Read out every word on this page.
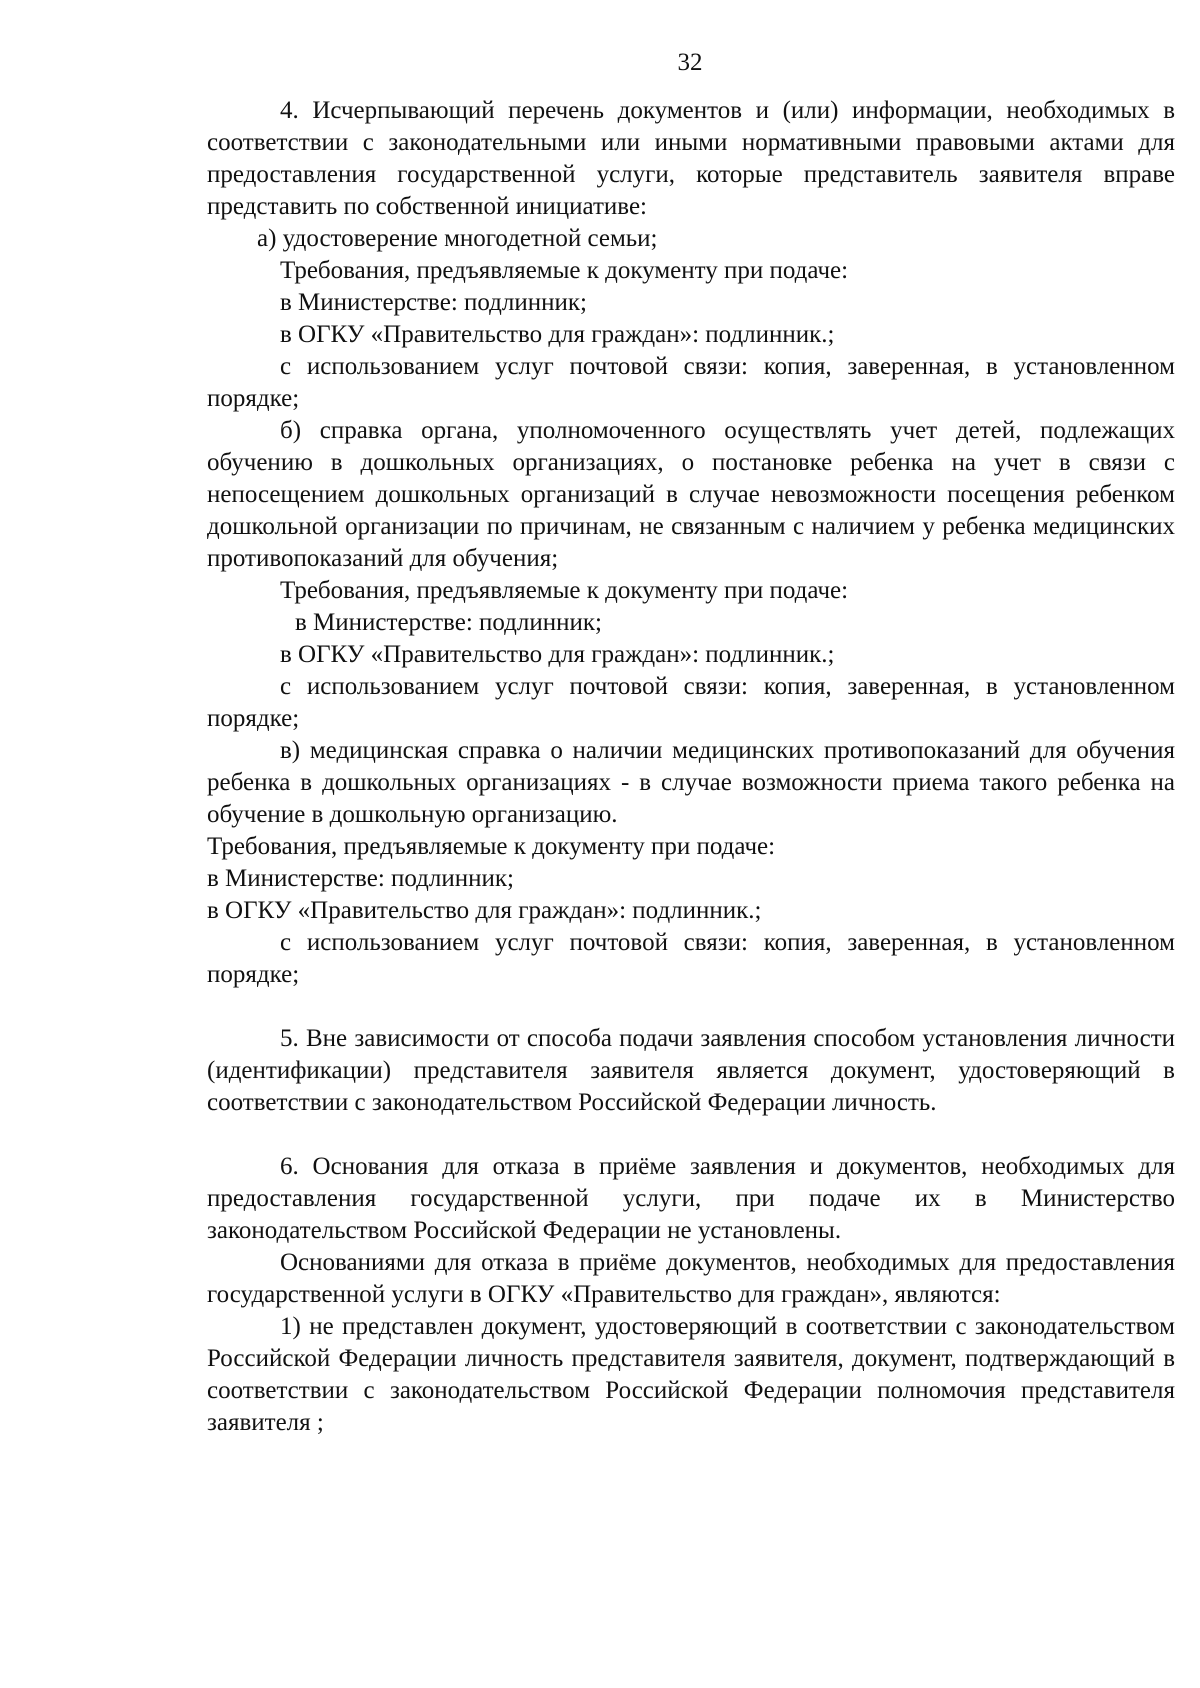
32

4. Исчерпывающий перечень документов и (или) информации, необходимых в соответствии с законодательными или иными нормативными правовыми актами для предоставления государственной услуги, которые представитель заявителя вправе представить по собственной инициативе:

а) удостоверение многодетной семьи;

Требования, предъявляемые к документу при подаче:

в Министерстве: подлинник;

в ОГКУ «Правительство для граждан»: подлинник.;

с использованием услуг почтовой связи: копия, заверенная, в установленном порядке;

б) справка органа, уполномоченного осуществлять учет детей, подлежащих обучению в дошкольных организациях, о постановке ребенка на учет в связи с непосещением дошкольных организаций в случае невозможности посещения ребенком дошкольной организации по причинам, не связанным с наличием у ребенка медицинских противопоказаний для обучения;

Требования, предъявляемые к документу при подаче:

в Министерстве: подлинник;

в ОГКУ «Правительство для граждан»: подлинник.;

с использованием услуг почтовой связи: копия, заверенная, в установленном порядке;

в) медицинская справка о наличии медицинских противопоказаний для обучения ребенка в дошкольных организациях - в случае возможности приема такого ребенка на обучение в дошкольную организацию.

Требования, предъявляемые к документу при подаче:

в Министерстве: подлинник;

в ОГКУ «Правительство для граждан»: подлинник.;

с использованием услуг почтовой связи: копия, заверенная, в установленном порядке;

5. Вне зависимости от способа подачи заявления способом установления личности (идентификации) представителя заявителя является документ, удостоверяющий в соответствии с законодательством Российской Федерации личность.

6. Основания для отказа в приёме заявления и документов, необходимых для предоставления государственной услуги, при подаче их в Министерство законодательством Российской Федерации не установлены.

Основаниями для отказа в приёме документов, необходимых для предоставления государственной услуги в ОГКУ «Правительство для граждан», являются:

1) не представлен документ, удостоверяющий в соответствии с законодательством Российской Федерации личность представителя заявителя, документ, подтверждающий в соответствии с законодательством Российской Федерации полномочия представителя заявителя ;
